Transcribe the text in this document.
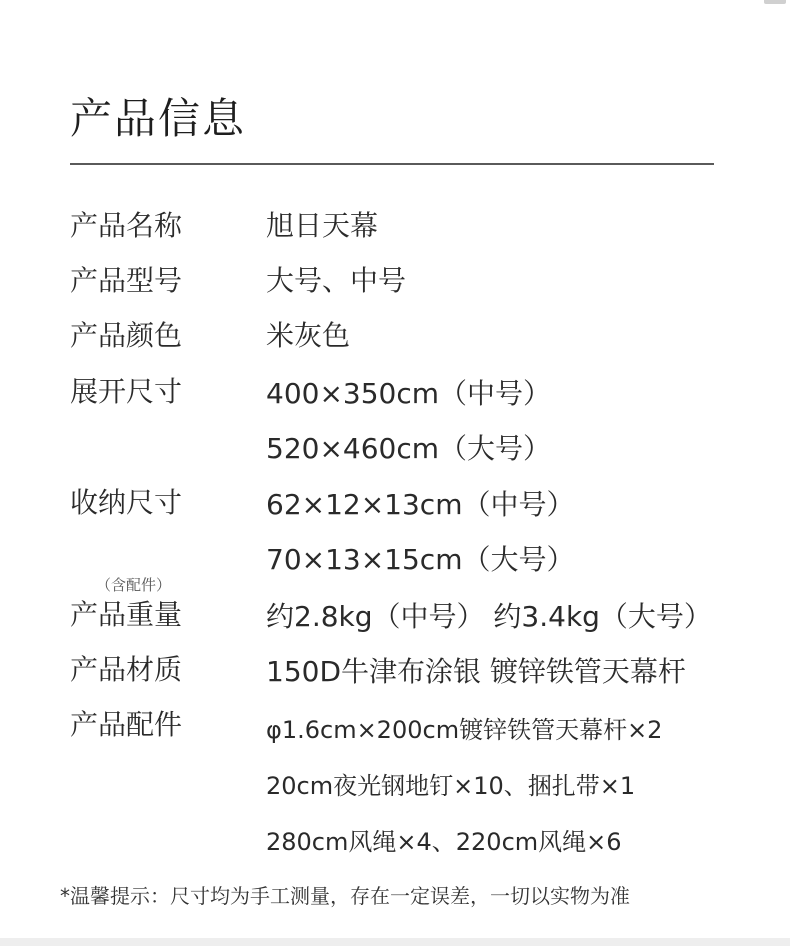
产品信息
产品名称	旭日天幕
产品型号	大号、中号
产品颜色	米灰色
展开尺寸	400×350cm（中号）
520×460cm（大号）
收纳尺寸	62×12×13cm（中号）
70×13×15cm（大号）
（含配件）
产品重量	约2.8kg（中号） 约3.4kg（大号）
产品材质	150D牛津布涂银 镀锌铁管天幕杆
产品配件	φ1.6cm×200cm镀锌铁管天幕杆×2
20cm夜光钢地钉×10、捆扎带×1
280cm风绳×4、220cm风绳×6
*温馨提示：尺寸均为手工测量，存在一定误差，一切以实物为准
